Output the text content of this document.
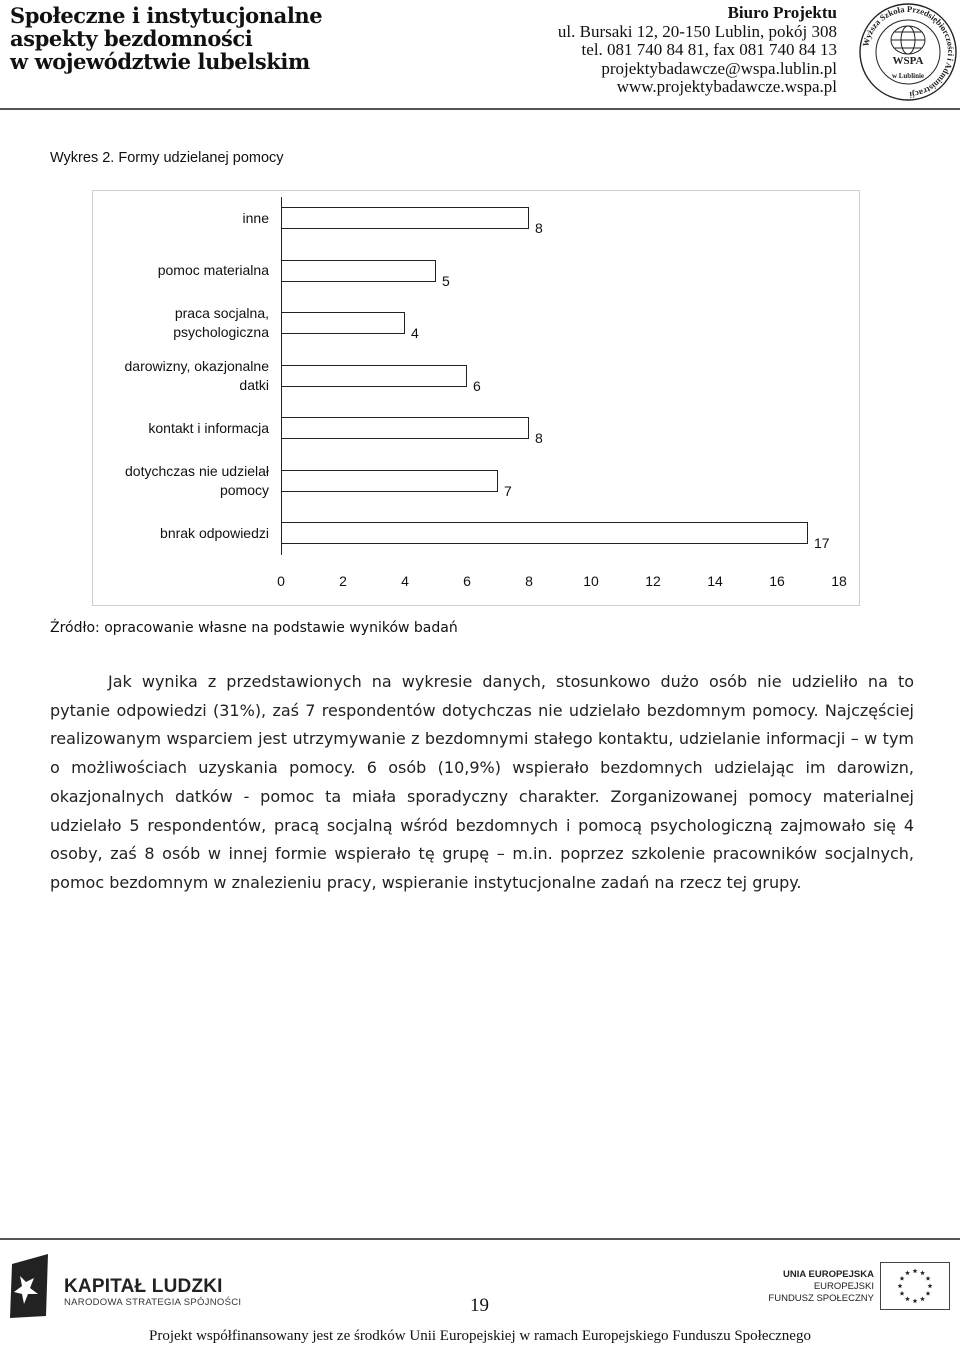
Społeczne i instytucjonalne
aspekty bezdomności
w województwie lubelskim
Biuro Projektu
ul. Bursaki 12, 20-150 Lublin, pokój 308
tel. 081 740 84 81, fax 081 740 84 13
projektybadawcze@wspa.lublin.pl
www.projektybadawcze.wspa.pl
Wyższa Szkoła Przedsiębiorczości i Administracji
WSPA
w Lublinie
Wykres 2. Formy udzielanej pomocy
inne
8
pomoc materialna
5
praca socjalna,
psychologiczna	4
darowizny, okazjonalne
datki	6
kontakt i informacja
8
dotychczas nie udzielał
pomocy	7
bnrak odpowiedzi
17
0	2	4	6	8	10	12	14	16	18
Źródło: opracowanie własne na podstawie wyników badań

Jak wynika z przedstawionych na wykresie danych, stosunkowo dużo osób nie udzieliło na to pytanie odpowiedzi (31%), zaś 7 respondentów dotychczas nie udzielało bezdomnym pomocy. Najczęściej realizowanym wsparciem jest utrzymywanie z bezdomnymi stałego kontaktu, udzielanie informacji – w tym o możliwościach uzyskania pomocy. 6 osób (10,9%) wspierało bezdomnych udzielając im darowizn, okazjonalnych datków - pomoc ta miała sporadyczny charakter. Zorganizowanej pomocy materialnej udzielało 5 respondentów, pracą socjalną wśród bezdomnych i pomocą psychologiczną zajmowało się 4 osoby, zaś 8 osób w innej formie wspierało tę grupę – m.in. poprzez szkolenie pracowników socjalnych, pomoc bezdomnym w znalezieniu pracy, wspieranie instytucjonalne zadań na rzecz tej grupy.

KAPITAŁ LUDZKI
NARODOWA STRATEGIA SPÓJNOŚCI	19
UNIA EUROPEJSKA
EUROPEJSKI
FUNDUSZ SPOŁECZNY
Projekt współfinansowany jest ze środków Unii Europejskiej w ramach Europejskiego Funduszu Społecznego
